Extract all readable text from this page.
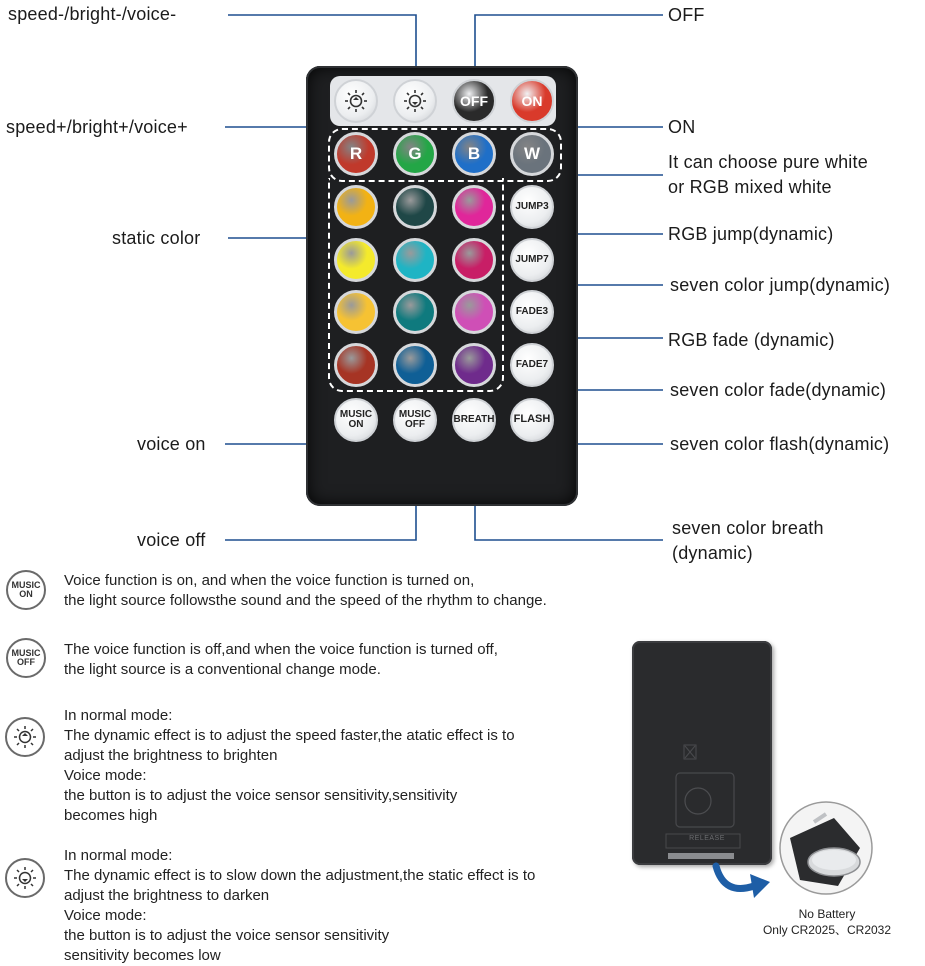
speed-/bright-/voice-	OFF
speed+/bright+/voice+	ON
It can choose pure white
or RGB mixed white
static color	RGB jump(dynamic)
seven color jump(dynamic)
RGB fade (dynamic)
seven color fade(dynamic)
voice on	seven color flash(dynamic)
voice off
seven color breath
(dynamic)
OFF	ON
R	G	B	W
JUMP3
JUMP7
FADE3
FADE7
MUSIC
ON
MUSIC
OFF	BREATH	FLASH
MUSIC
ON
Voice function is on, and when the voice function is turned on,
the light source followsthe sound and the speed of the rhythm to change.
MUSIC
OFF
The voice function is off,and when the voice function is turned off,
the light source is a conventional change mode.
In normal mode:
The dynamic effect is to adjust the speed faster,the atatic effect is to
adjust the brightness to brighten
Voice mode:
the button is to adjust the voice sensor sensitivity,sensitivity
becomes high
In normal mode:
The dynamic effect is to slow down the adjustment,the static effect is to
adjust the brightness to darken
Voice mode:
the button is to adjust the voice sensor sensitivity
sensitivity becomes low
RELEASE
No Battery
Only CR2025、CR2032
